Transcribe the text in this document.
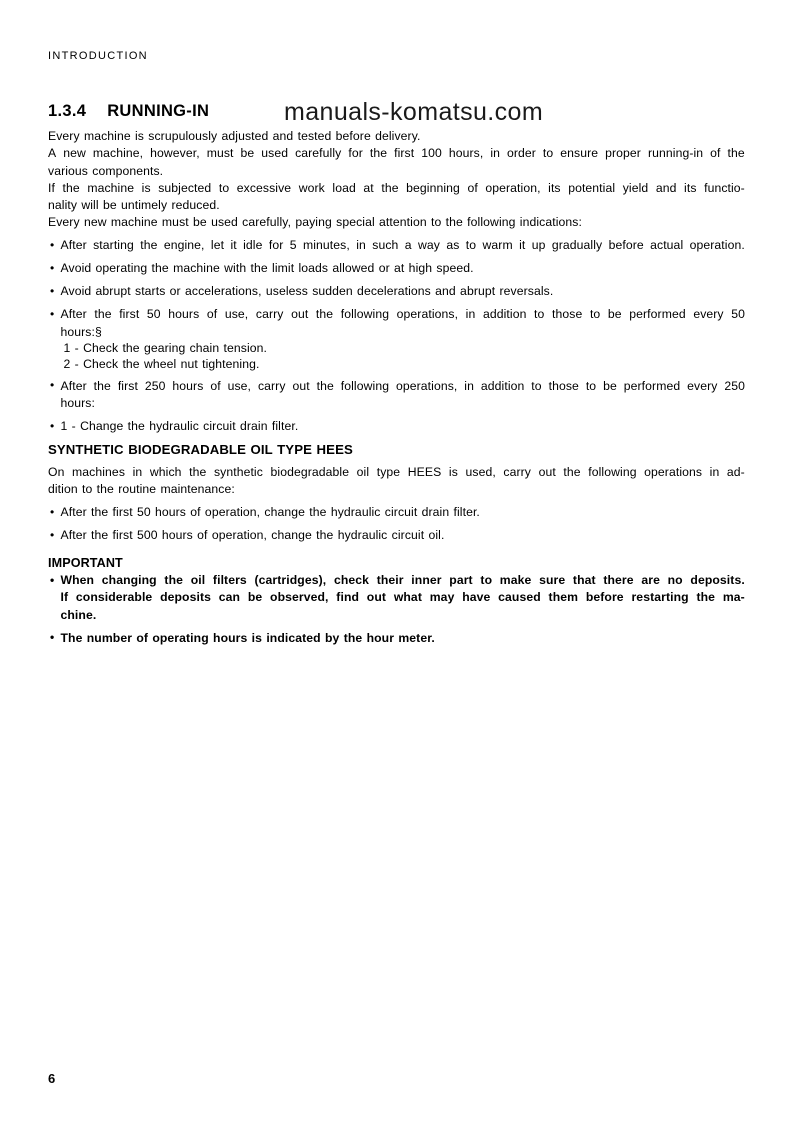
INTRODUCTION
1.3.4 RUNNING-IN	manuals-komatsu.com
Every machine is scrupulously adjusted and tested before delivery.
A new machine, however, must be used carefully for the first 100 hours, in order to ensure proper running-in of the
various components.
If the machine is subjected to excessive work load at the beginning of operation, its potential yield and its functio-
nality will be untimely reduced.
Every new machine must be used carefully, paying special attention to the following indications:
• After starting the engine, let it idle for 5 minutes, in such a way as to warm it up gradually before actual operation.
• Avoid operating the machine with the limit loads allowed or at high speed.
• Avoid abrupt starts or accelerations, useless sudden decelerations and abrupt reversals.
• After the first 50 hours of use, carry out the following operations, in addition to those to be performed every 50
hours:§
1 - Check the gearing chain tension.
2 - Check the wheel nut tightening.
• After the first 250 hours of use, carry out the following operations, in addition to those to be performed every 250
hours:
• 1 - Change the hydraulic circuit drain filter.
SYNTHETIC BIODEGRADABLE OIL TYPE HEES
On machines in which the synthetic biodegradable oil type HEES is used, carry out the following operations in ad-
dition to the routine maintenance:
• After the first 50 hours of operation, change the hydraulic circuit drain filter.
• After the first 500 hours of operation, change the hydraulic circuit oil.
IMPORTANT
• When changing the oil filters (cartridges), check their inner part to make sure that there are no deposits.
If considerable deposits can be observed, find out what may have caused them before restarting the ma-
chine.
• The number of operating hours is indicated by the hour meter.
6
